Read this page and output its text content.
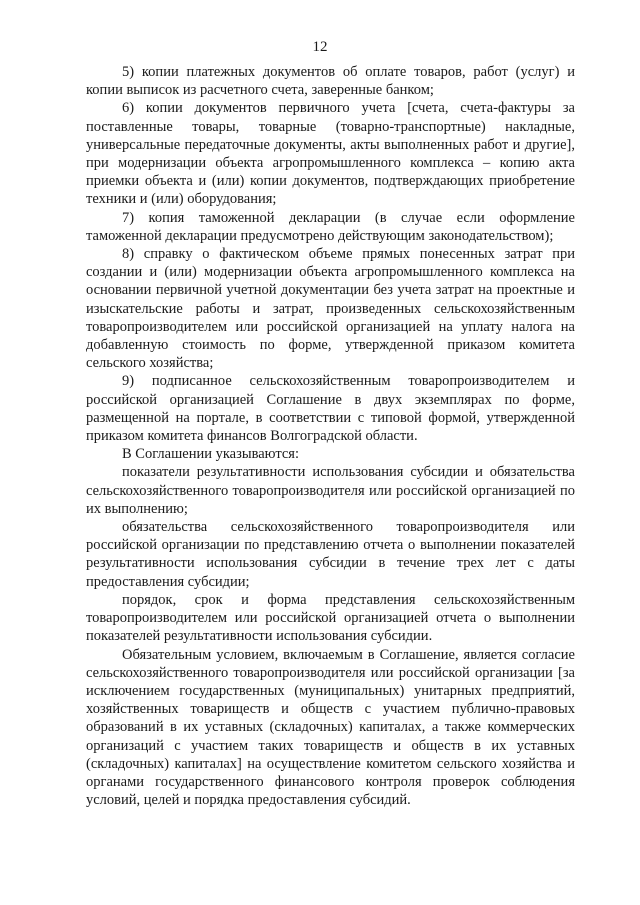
12

5) копии платежных документов об оплате товаров, работ (услуг) и копии выписок из расчетного счета, заверенные банком;

6) копии документов первичного учета [счета, счета-фактуры за поставленные товары, товарные (товарно-транспортные) накладные, универсальные передаточные документы, акты выполненных работ и другие], при модернизации объекта агропромышленного комплекса – копию акта приемки объекта и (или) копии документов, подтверждающих приобретение техники и (или) оборудования;

7) копия таможенной декларации (в случае если оформление таможенной декларации предусмотрено действующим законодательством);

8) справку о фактическом объеме прямых понесенных затрат при создании и (или) модернизации объекта агропромышленного комплекса на основании первичной учетной документации без учета затрат на проектные и изыскательские работы и затрат, произведенных сельскохозяйственным товаропроизводителем или российской организацией на уплату налога на добавленную стоимость по форме, утвержденной приказом комитета сельского хозяйства;

9) подписанное сельскохозяйственным товаропроизводителем и российской организацией Соглашение в двух экземплярах по форме, размещенной на портале, в соответствии с типовой формой, утвержденной приказом комитета финансов Волгоградской области.

В Соглашении указываются:

показатели результативности использования субсидии и обязательства сельскохозяйственного товаропроизводителя или российской организацией по их выполнению;

обязательства сельскохозяйственного товаропроизводителя или российской организации по представлению отчета о выполнении показателей результативности использования субсидии в течение трех лет с даты предоставления субсидии;

порядок, срок и форма представления сельскохозяйственным товаропроизводителем или российской организацией отчета о выполнении показателей результативности использования субсидии.

Обязательным условием, включаемым в Соглашение, является согласие сельскохозяйственного товаропроизводителя или российской организации [за исключением государственных (муниципальных) унитарных предприятий, хозяйственных товариществ и обществ с участием публично-правовых образований в их уставных (складочных) капиталах, а также коммерческих организаций с участием таких товариществ и обществ в их уставных (складочных) капиталах] на осуществление комитетом сельского хозяйства и органами государственного финансового контроля проверок соблюдения условий, целей и порядка предоставления субсидий.
